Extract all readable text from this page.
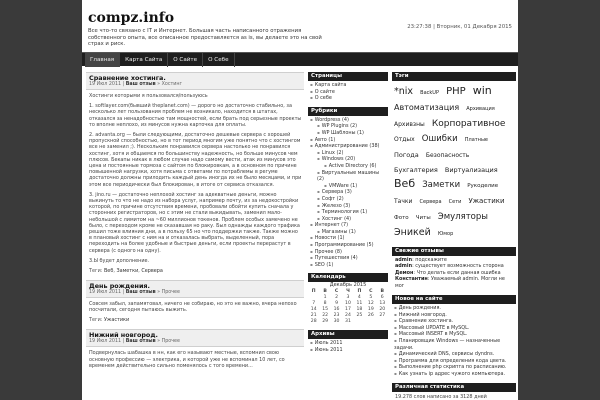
compz.info
Все что-то связано с IT и Интернет. Большая часть написанного отражения собственного опыта, все описанное предоставляется as is, вы делаете это на свой страх и риск.
23:27:38 | Вторник, 01 Декабря 2015
Главная	Карта Сайта	О Сайте	О Себе
Сравнение хостинга.
19 Июл 2011 | Ваш отзыв » Хостинг

Хостинги которыми я пользовался/пользуюсь

1. softlayer.com(бывший theplanet.com) — дорого но достаточно стабильно, за несколько лет пользования проблем не возникало, находится в штатах, отказался за ненадобностью там мощностей, если брать под серьезные проекты то вполне неплохо, из минусов нужна карточка для оплаты.

2. advanta.org — были следующими, достаточно дешевые сервера с хорошей пропускной способностью, но в тот период многим уже понятно что с хостингом все не заменил ;). Нескольким понравился сервера настолько не понравился хостинг, хотя и общаемся по большинству надежность, но больше минусов чем плюсов. Бекапы никак в любом случае надо самому вести, атак из минусов это цена и постоянные тормоза с сайтом по блокировкам, а в основном по причине повышенной нагрузки, хотя письма с ответами по потраблемы в регуме достаточно должны прилодить каждый день иногда их не было месяцами, и при этом все периодически был блокирован, в итоге от сервиса отказался.

3. jino.ru — достаточно неплохой хостинг за адекватные деньги, можно выкинуть то что не надо из набора услуг, например почту, из за недокостройки которой, по причине отсутствия времени, пробовали обойти купить сначала у сторонних регистраторов, но с этим не стали выкидывать, заменил мало-небольшой с лимитом на ~60 миллионов токенов. Проблем особых замечено не было, с переходом кроме не сказавшая но раку. Был однажды каждого трафика решил тоже влияния дни, а в пользу 65 но что поддержки также. Также можно в плановый хостинг с ним на и отказалась выбрать, выделенный, пора переходить на более удобные и быстрые деньги, если проекты перерастут в сервера (с одного на одну).

3.Ы будет дополнение.

Теги: Веб, Заметки, Сервера
День рождения.
19 Июл 2011 | Ваш отзыв » Прочее

Совсем забыл, запамятовал, ничего не собираю, но это не важно, вчера непохо посчитали, сегодня пытаюсь выжить.

Теги: Ужастики
Нижний новгород.
19 Июл 2011 | Ваш отзыв » Прочее

Подвернулась шабашка в нн, как его называют местные, вспомнил свою основную профессию — электрика, и которой уже не вспоминал 10 лет, со временем действительно сильно поменялось с того времени...

Страницы
▪ Карта сайта
▪ О сайте
▪ О себе
Рубрики
▪ Wordpress (4)
▪ WP Plugins (2)
▪ WP Шаблоны (1)
▪ Авто (1)
▪ Администрирование (38)
▪ Linux (2)
▪ Windows (20)
▪ Active Directory (6)
▪ Виртуальные машины (2)
▪ VMWare (1)
▪ Сервера (3)
▪ Софт (2)
▪ Железо (3)
▪ Терминология (1)
▪ Хостинг (4)
▪ Интернет (7)
▪ Магазины (1)
▪ Новости (1)
▪ Программирование (5)
▪ Прочее (8)
▪ Путешествия (4)
▪ SEO (1)
Календарь
Декабрь 2015
П	В	С	Ч	П	С	В
	1	2	3	4	5	6
7	8	9	10	11	12	13
14	15	16	17	18	19	20
21	22	23	24	25	26	27
28	29	30	31			
Архивы
▪ Июль 2011
▪ Июнь 2011
Тэги
*nix BackUP PHP win Автоматизация Архивация Архивзны Корпоративное Отдых Ошибки Платные Погода Безопасность Бухгалтерия Виртуализация Веб Заметки Рукоделие Тачки Сервера Сети Ужастики Фото Читы Эмуляторы Эникей Юмор
Свежие отзывы
admin: подскажите
admin: существует возможность сторона
Демон: Что делать если данная ошибка
Константин: Уважаемый admin. Могли не мог
Новое на сайте
▪ День рождения.
▪ Нижний новгород.
▪ Сравнение хостинга.
▪ Массовый UPDATE в MySQL.
▪ Массовый INSERT в MySQL.
▪ Планировщик Windows — назначенные задачи.
▪ Динамический DNS, сервисы dyndns.
▪ Программа для определения кода цвета.
▪ Выполнение php скрипта по расписанию.
▪ Как узнать ip адрес чужого компьютера.
Различная статистика
19.278 слов написано за 3128 дней
